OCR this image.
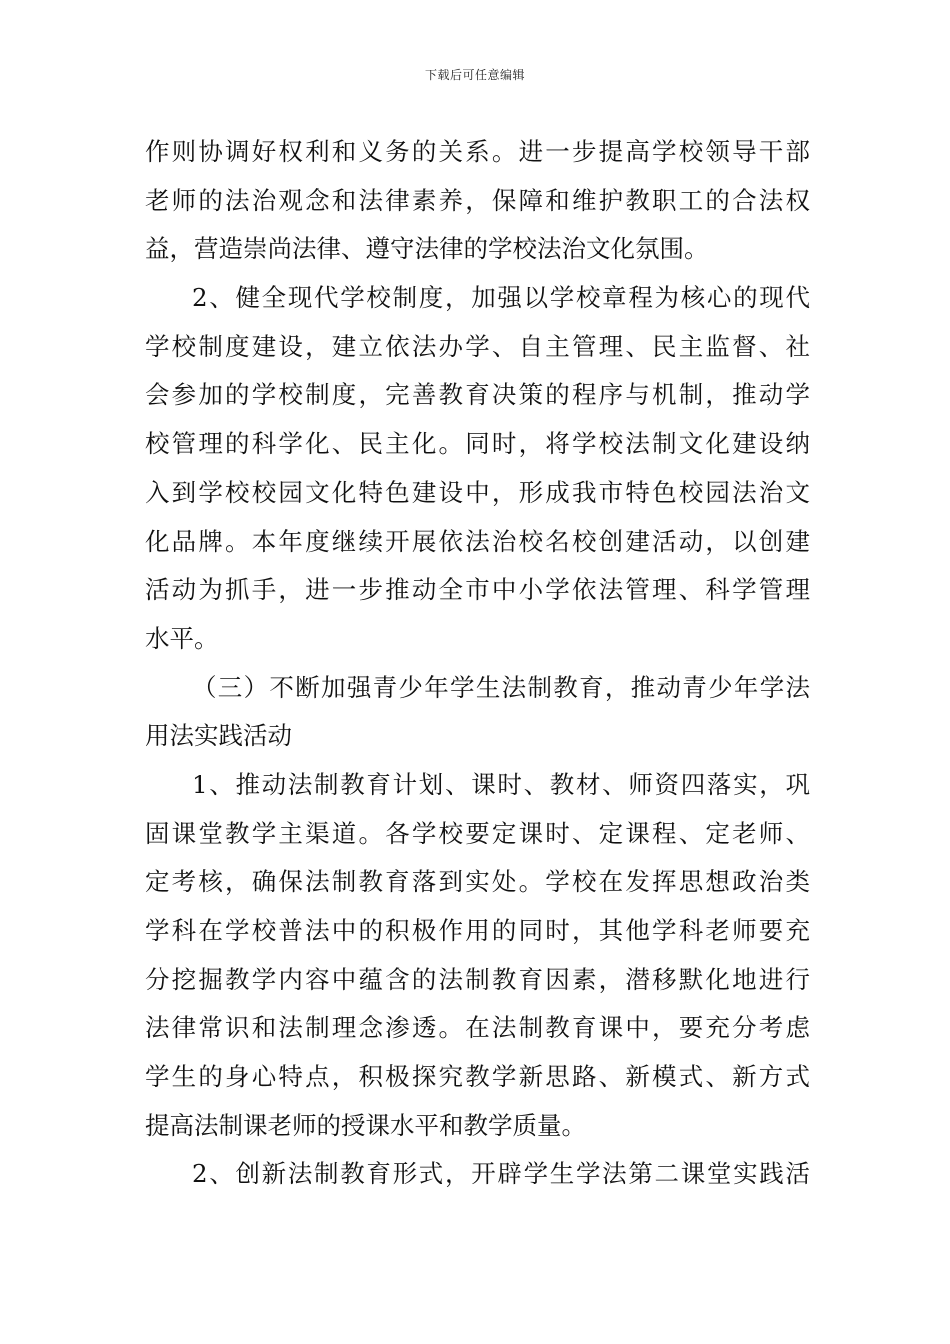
下载后可任意编辑
作则协调好权利和义务的关系。进一步提高学校领导干部
老师的法治观念和法律素养，保障和维护教职工的合法权
益，营造崇尚法律、遵守法律的学校法治文化氛围。
2、健全现代学校制度，加强以学校章程为核心的现代
学校制度建设，建立依法办学、自主管理、民主监督、社
会参加的学校制度，完善教育决策的程序与机制，推动学
校管理的科学化、民主化。同时，将学校法制文化建设纳
入到学校校园文化特色建设中，形成我市特色校园法治文
化品牌。本年度继续开展依法治校名校创建活动，以创建
活动为抓手，进一步推动全市中小学依法管理、科学管理
水平。
（三）不断加强青少年学生法制教育，推动青少年学法
用法实践活动
1、推动法制教育计划、课时、教材、师资四落实，巩
固课堂教学主渠道。各学校要定课时、定课程、定老师、
定考核，确保法制教育落到实处。学校在发挥思想政治类
学科在学校普法中的积极作用的同时，其他学科老师要充
分挖掘教学内容中蕴含的法制教育因素，潜移默化地进行
法律常识和法制理念渗透。在法制教育课中，要充分考虑
学生的身心特点，积极探究教学新思路、新模式、新方式
提高法制课老师的授课水平和教学质量。
2、创新法制教育形式，开辟学生学法第二课堂实践活
